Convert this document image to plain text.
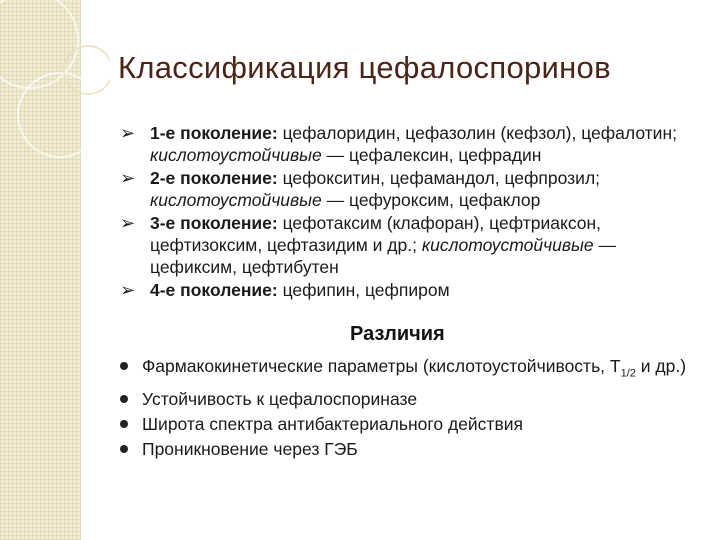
Классификация цефалоспоринов
➢ 1-е поколение: цефалоридин, цефазолин (кефзол), цефалотин; кислотоустойчивые — цефалексин, цефрадин
➢ 2-е поколение: цефокситин, цефамандол, цефпрозил; кислотоустойчивые — цефуроксим, цефаклор
➢ 3-е поколение: цефотаксим (клафоран), цефтриаксон, цефтизоксим, цефтазидим и др.; кислотоустойчивые — цефиксим, цефтибутен
➢ 4-е поколение: цефипин, цефпиром
Различия
Фармакокинетические параметры (кислотоустойчивость, $Т_{1/2}$ и др.)
Устойчивость к цефалоспориназе
Широта спектра антибактериального действия
Проникновение через ГЭБ
